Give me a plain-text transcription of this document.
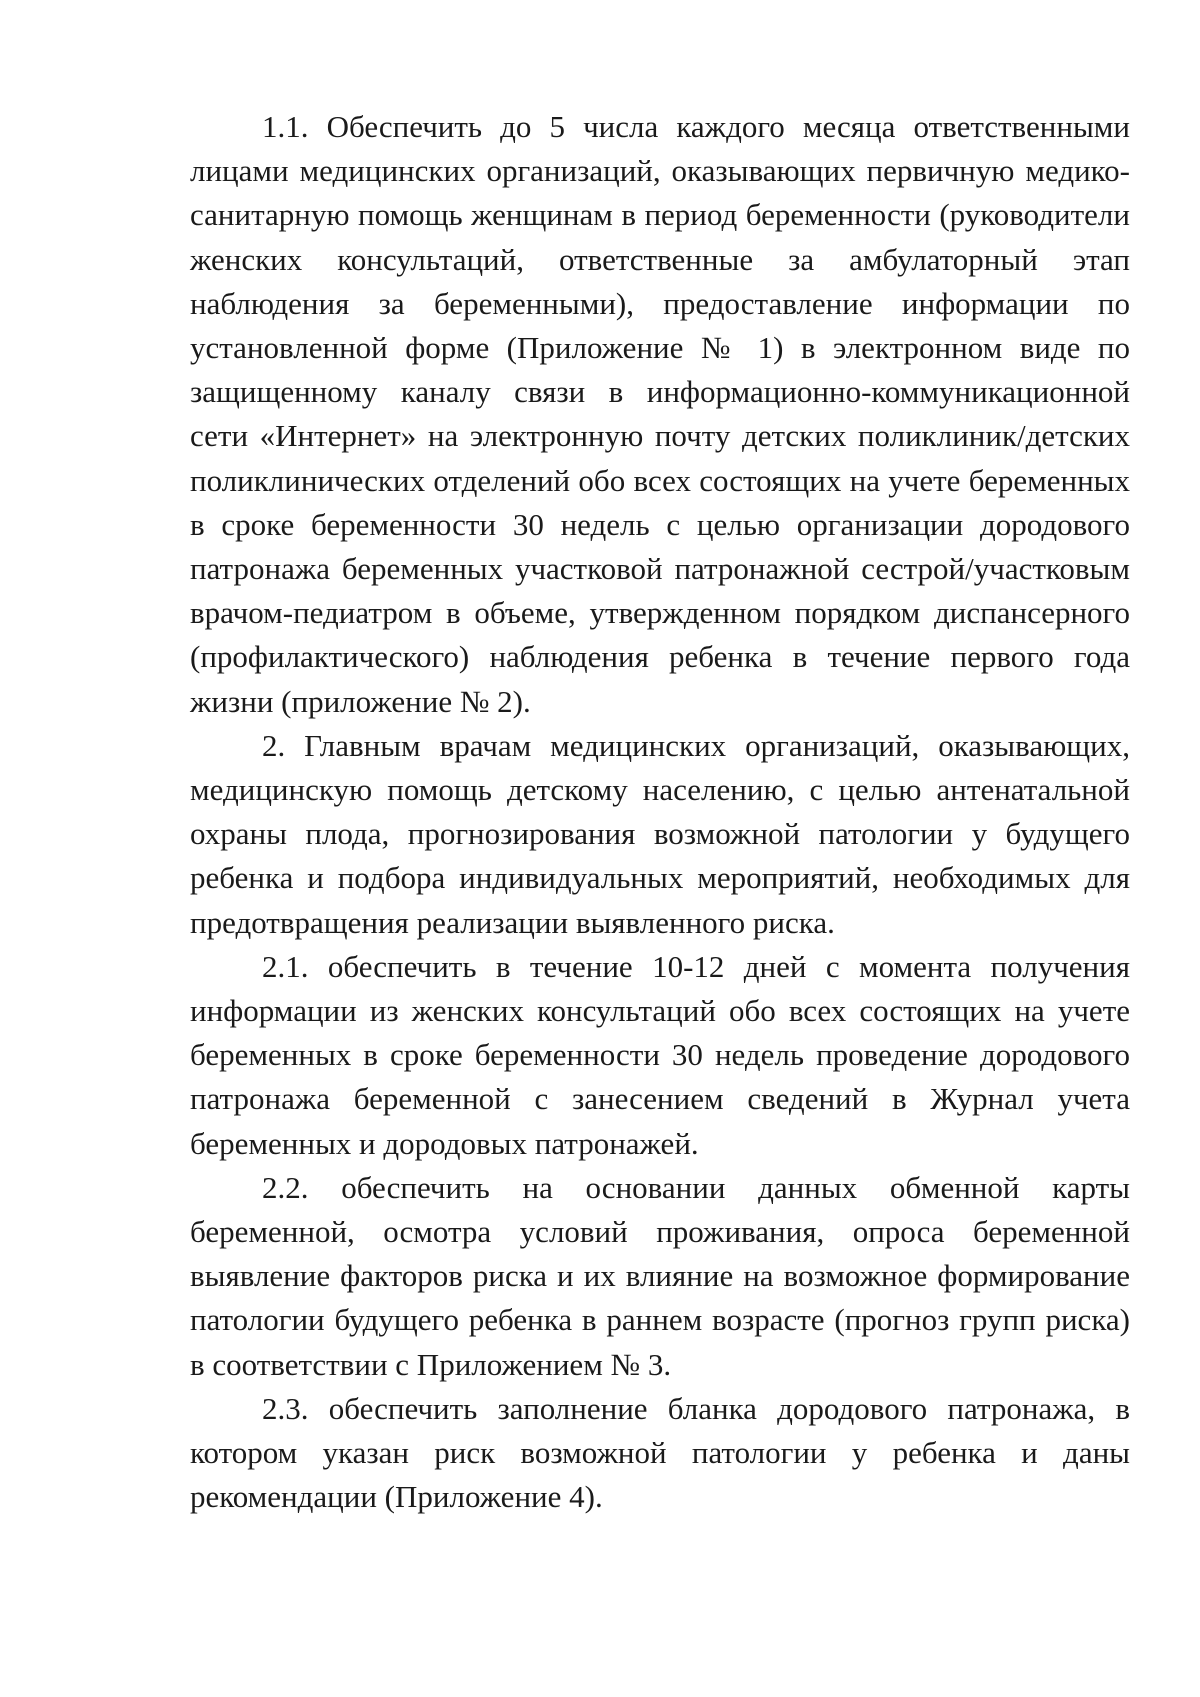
1.1. Обеспечить до 5 числа каждого месяца ответственными лицами медицинских организаций, оказывающих первичную медико-санитарную помощь женщинам в период беременности (руководители женских консультаций, ответственные за амбулаторный этап наблюдения за беременными), предоставление информации по установленной форме (Приложение № 1) в электронном виде по защищенному каналу связи в информационно-коммуникационной сети «Интернет» на электронную почту детских поликлиник/детских поликлинических отделений обо всех состоящих на учете беременных в сроке беременности 30 недель с целью организации дородового патронажа беременных участковой патронажной сестрой/участковым врачом-педиатром в объеме, утвержденном порядком диспансерного (профилактического) наблюдения ребенка в течение первого года жизни (приложение № 2).

2. Главным врачам медицинских организаций, оказывающих, медицинскую помощь детскому населению, с целью антенатальной охраны плода, прогнозирования возможной патологии у будущего ребенка и подбора индивидуальных мероприятий, необходимых для предотвращения реализации выявленного риска.

2.1. обеспечить в течение 10-12 дней с момента получения информации из женских консультаций обо всех состоящих на учете беременных в сроке беременности 30 недель проведение дородового патронажа беременной с занесением сведений в Журнал учета беременных и дородовых патронажей.

2.2. обеспечить на основании данных обменной карты беременной, осмотра условий проживания, опроса беременной выявление факторов риска и их влияние на возможное формирование патологии будущего ребенка в раннем возрасте (прогноз групп риска) в соответствии с Приложением № 3.

2.3. обеспечить заполнение бланка дородового патронажа, в котором указан риск возможной патологии у ребенка и даны рекомендации (Приложение 4).
